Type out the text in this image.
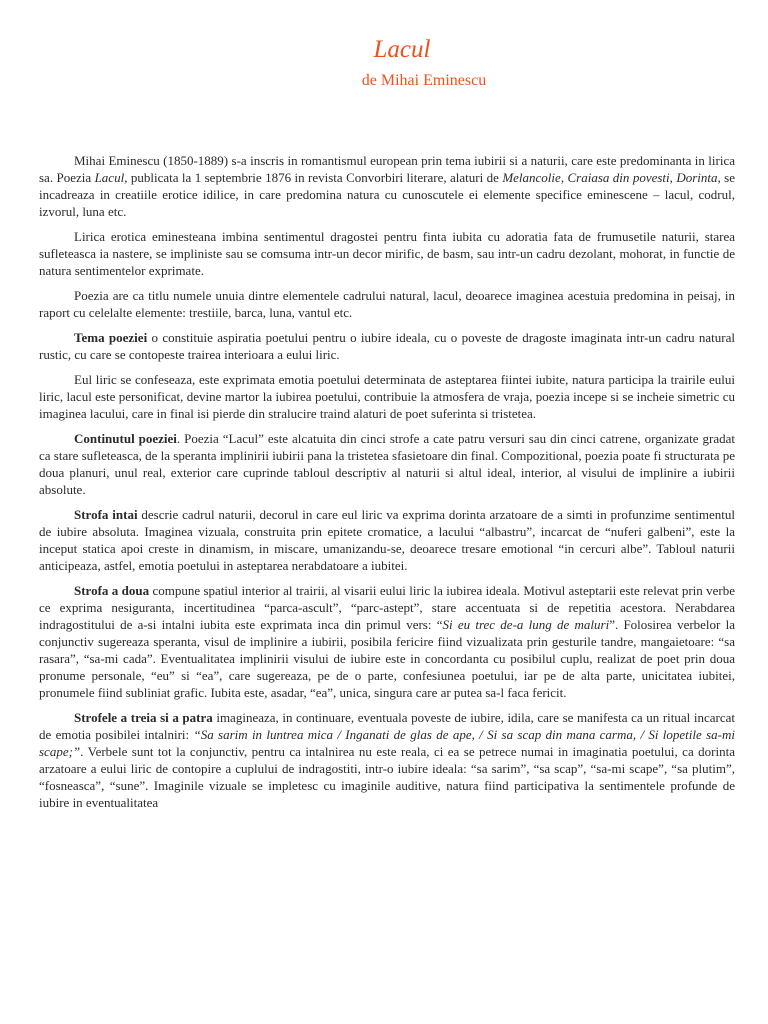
Lacul
de Mihai Eminescu

Mihai Eminescu (1850-1889) s-a inscris in romantismul european prin tema iubirii si a naturii, care este predominanta in lirica sa. Poezia Lacul, publicata la 1 septembrie 1876 in revista Convorbiri literare, alaturi de Melancolie, Craiasa din povesti, Dorinta, se incadreaza in creatiile erotice idilice, in care predomina natura cu cunoscutele ei elemente specifice eminescene – lacul, codrul, izvorul, luna etc.

Lirica erotica eminesteana imbina sentimentul dragostei pentru finta iubita cu adoratia fata de frumusetile naturii, starea sufleteasca ia nastere, se impliniste sau se comsuma intr-un decor mirific, de basm, sau intr-un cadru dezolant, mohorat, in functie de natura sentimentelor exprimate.

Poezia are ca titlu numele unuia dintre elementele cadrului natural, lacul, deoarece imaginea acestuia predomina in peisaj, in raport cu celelalte elemente: trestiile, barca, luna, vantul etc.

Tema poeziei o constituie aspiratia poetului pentru o iubire ideala, cu o poveste de dragoste imaginata intr-un cadru natural rustic, cu care se contopeste trairea interioara a eului liric.

Eul liric se confeseaza, este exprimata emotia poetului determinata de asteptarea fiintei iubite, natura participa la trairile eului liric, lacul este personificat, devine martor la iubirea poetului, contribuie la atmosfera de vraja, poezia incepe si se incheie simetric cu imaginea lacului, care in final isi pierde din stralucire traind alaturi de poet suferinta si tristetea.

Continutul poeziei. Poezia “Lacul” este alcatuita din cinci strofe a cate patru versuri sau din cinci catrene, organizate gradat ca stare sufleteasca, de la speranta implinirii iubirii pana la tristetea sfasietoare din final. Compozitional, poezia poate fi structurata pe doua planuri, unul real, exterior care cuprinde tabloul descriptiv al naturii si altul ideal, interior, al visului de implinire a iubirii absolute.

Strofa intai descrie cadrul naturii, decorul in care eul liric va exprima dorinta arzatoare de a simti in profunzime sentimentul de iubire absoluta. Imaginea vizuala, construita prin epitete cromatice, a lacului “albastru”, incarcat de “nuferi galbeni”, este la inceput statica apoi creste in dinamism, in miscare, umanizandu-se, deoarece tresare emotional “in cercuri albe”. Tabloul naturii anticipeaza, astfel, emotia poetului in asteptarea nerabdatoare a iubitei.

Strofa a doua compune spatiul interior al trairii, al visarii eului liric la iubirea ideala. Motivul asteptarii este relevat prin verbe ce exprima nesiguranta, incertitudinea “parca-ascult”, “parc-astept”, stare accentuata si de repetitia acestora. Nerabdarea indragostitului de a-si intalni iubita este exprimata inca din primul vers: “Si eu trec de-a lung de maluri”. Folosirea verbelor la conjunctiv sugereaza speranta, visul de implinire a iubirii, posibila fericire fiind vizualizata prin gesturile tandre, mangaietoare: “sa rasara”, “sa-mi cada”. Eventualitatea implinirii visului de iubire este in concordanta cu posibilul cuplu, realizat de poet prin doua pronume personale, “eu” si “ea”, care sugereaza, pe de o parte, confesiunea poetului, iar pe de alta parte, unicitatea iubitei, pronumele fiind subliniat grafic. Iubita este, asadar, “ea”, unica, singura care ar putea sa-l faca fericit.

Strofele a treia si a patra imagineaza, in continuare, eventuala poveste de iubire, idila, care se manifesta ca un ritual incarcat de emotia posibilei intalniri: “Sa sarim in luntrea mica / Inganati de glas de ape, / Si sa scap din mana carma, / Si lopetile sa-mi scape;”. Verbele sunt tot la conjunctiv, pentru ca intalnirea nu este reala, ci ea se petrece numai in imaginatia poetului, ca dorinta arzatoare a eului liric de contopire a cuplului de indragostiti, intr-o iubire ideala: “sa sarim”, “sa scap”, “sa-mi scape”, “sa plutim”, “fosneasca”, “sune”. Imaginile vizuale se impletesc cu imaginile auditive, natura fiind participativa la sentimentele profunde de iubire in eventualitatea
